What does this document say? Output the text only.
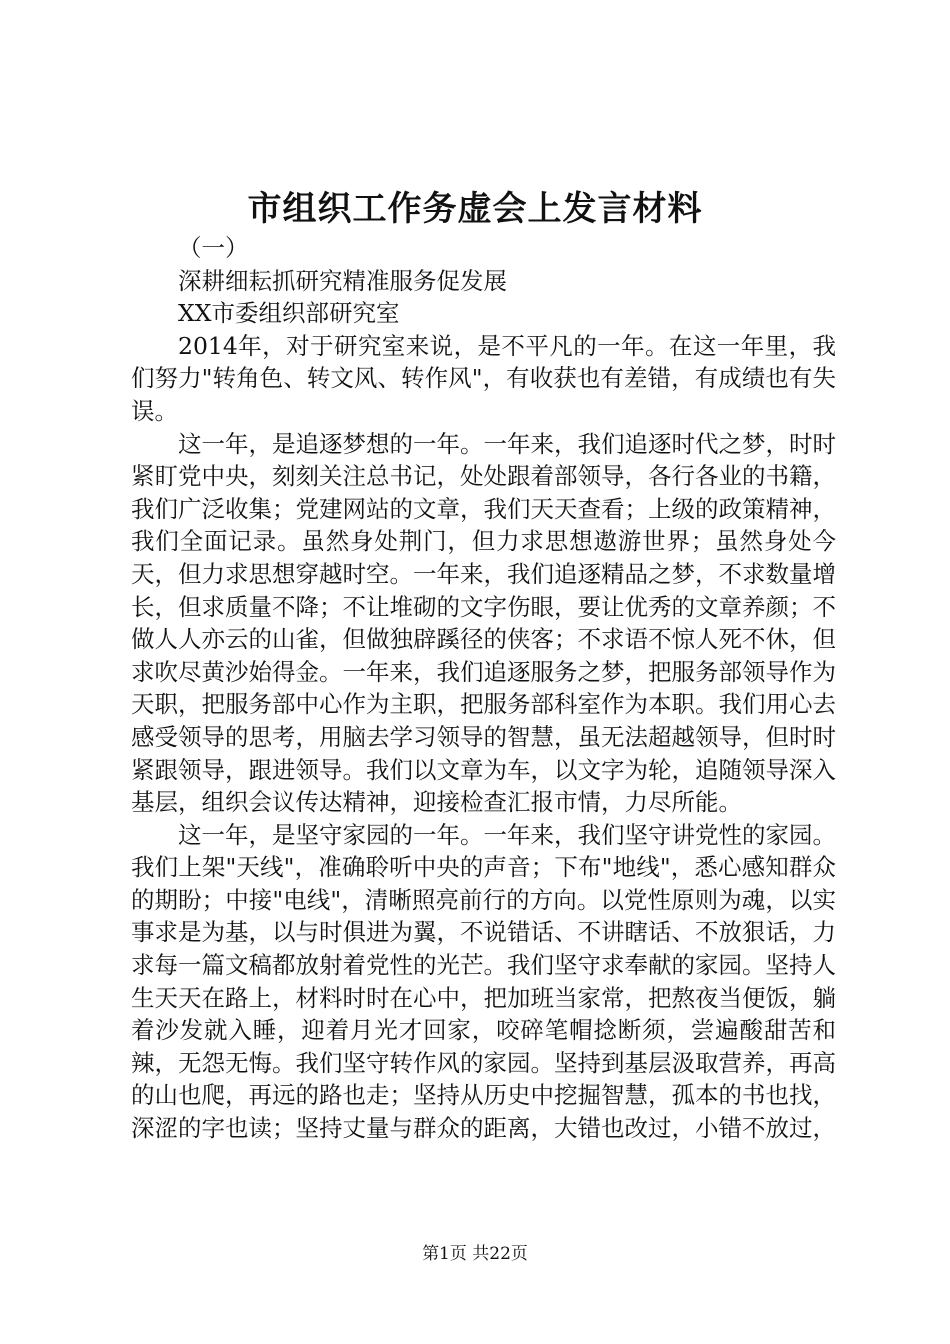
市组织工作务虚会上发言材料

（一）

深耕细耘抓研究精准服务促发展

XX市委组织部研究室

2014年，对于研究室来说，是不平凡的一年。在这一年里，我们努力"转角色、转文风、转作风"，有收获也有差错，有成绩也有失误。

这一年，是追逐梦想的一年。一年来，我们追逐时代之梦，时时紧盯党中央，刻刻关注总书记，处处跟着部领导，各行各业的书籍，我们广泛收集；党建网站的文章，我们天天查看；上级的政策精神，我们全面记录。虽然身处荆门，但力求思想遨游世界；虽然身处今天，但力求思想穿越时空。一年来，我们追逐精品之梦，不求数量增长，但求质量不降；不让堆砌的文字伤眼，要让优秀的文章养颜；不做人人亦云的山雀，但做独辟蹊径的侠客；不求语不惊人死不休，但求吹尽黄沙始得金。一年来，我们追逐服务之梦，把服务部领导作为天职，把服务部中心作为主职，把服务部科室作为本职。我们用心去感受领导的思考，用脑去学习领导的智慧，虽无法超越领导，但时时紧跟领导，跟进领导。我们以文章为车，以文字为轮，追随领导深入基层，组织会议传达精神，迎接检查汇报市情，力尽所能。

这一年，是坚守家园的一年。一年来，我们坚守讲党性的家园。我们上架"天线"，准确聆听中央的声音；下布"地线"，悉心感知群众的期盼；中接"电线"，清晰照亮前行的方向。以党性原则为魂，以实事求是为基，以与时俱进为翼，不说错话、不讲瞎话、不放狠话，力求每一篇文稿都放射着党性的光芒。我们坚守求奉献的家园。坚持人生天天在路上，材料时时在心中，把加班当家常，把熬夜当便饭，躺着沙发就入睡，迎着月光才回家，咬碎笔帽捻断须，尝遍酸甜苦和辣，无怨无悔。我们坚守转作风的家园。坚持到基层汲取营养，再高的山也爬，再远的路也走；坚持从历史中挖掘智慧，孤本的书也找，深涩的字也读；坚持丈量与群众的距离，大错也改过，小错不放过，

第1页 共22页
